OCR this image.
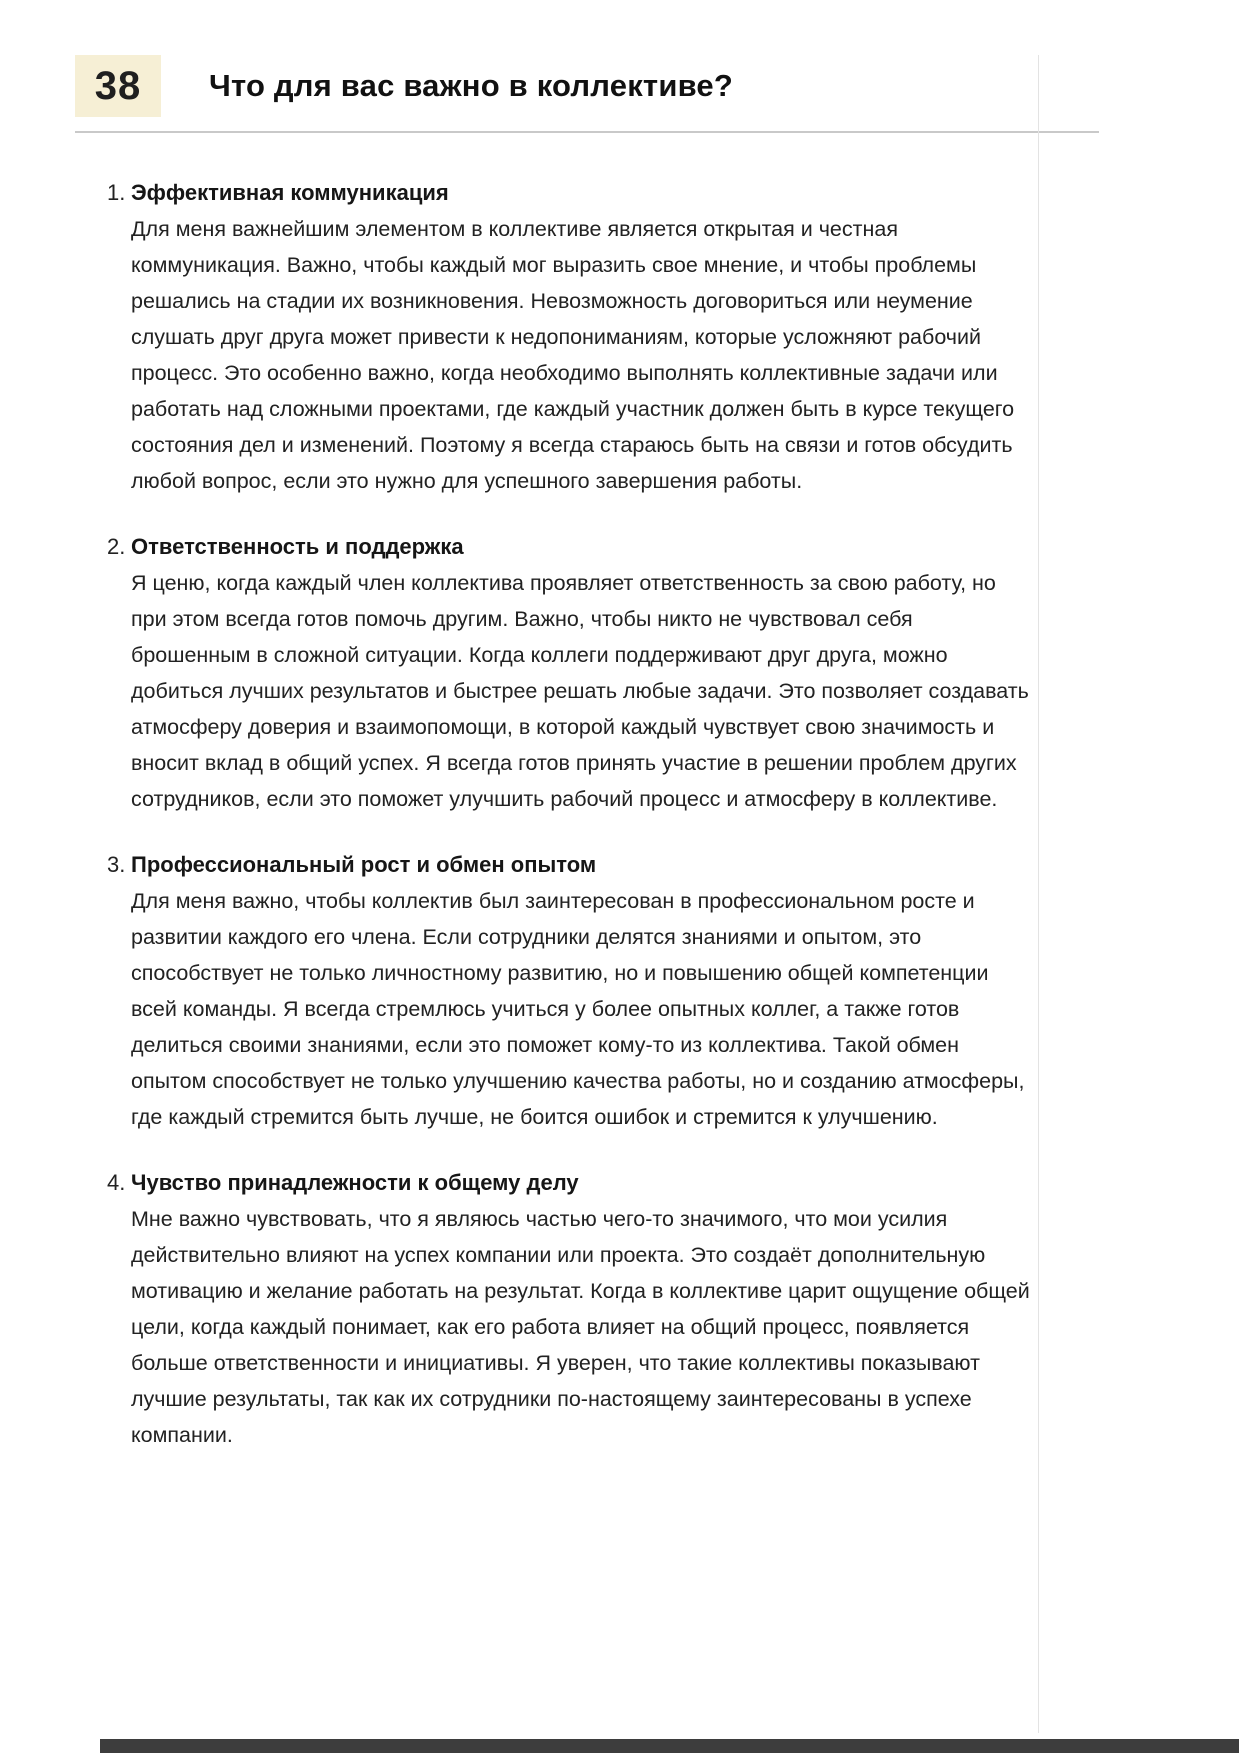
38 Что для вас важно в коллективе?
1. Эффективная коммуникация

Для меня важнейшим элементом в коллективе является открытая и честная коммуникация. Важно, чтобы каждый мог выразить свое мнение, и чтобы проблемы решались на стадии их возникновения. Невозможность договориться или неумение слушать друг друга может привести к недопониманиям, которые усложняют рабочий процесс. Это особенно важно, когда необходимо выполнять коллективные задачи или работать над сложными проектами, где каждый участник должен быть в курсе текущего состояния дел и изменений. Поэтому я всегда стараюсь быть на связи и готов обсудить любой вопрос, если это нужно для успешного завершения работы.

2. Ответственность и поддержка

Я ценю, когда каждый член коллектива проявляет ответственность за свою работу, но при этом всегда готов помочь другим. Важно, чтобы никто не чувствовал себя брошенным в сложной ситуации. Когда коллеги поддерживают друг друга, можно добиться лучших результатов и быстрее решать любые задачи. Это позволяет создавать атмосферу доверия и взаимопомощи, в которой каждый чувствует свою значимость и вносит вклад в общий успех. Я всегда готов принять участие в решении проблем других сотрудников, если это поможет улучшить рабочий процесс и атмосферу в коллективе.

3. Профессиональный рост и обмен опытом

Для меня важно, чтобы коллектив был заинтересован в профессиональном росте и развитии каждого его члена. Если сотрудники делятся знаниями и опытом, это способствует не только личностному развитию, но и повышению общей компетенции всей команды. Я всегда стремлюсь учиться у более опытных коллег, а также готов делиться своими знаниями, если это поможет кому-то из коллектива. Такой обмен опытом способствует не только улучшению качества работы, но и созданию атмосферы, где каждый стремится быть лучше, не боится ошибок и стремится к улучшению.

4. Чувство принадлежности к общему делу

Мне важно чувствовать, что я являюсь частью чего-то значимого, что мои усилия действительно влияют на успех компании или проекта. Это создаёт дополнительную мотивацию и желание работать на результат. Когда в коллективе царит ощущение общей цели, когда каждый понимает, как его работа влияет на общий процесс, появляется больше ответственности и инициативы. Я уверен, что такие коллективы показывают лучшие результаты, так как их сотрудники по-настоящему заинтересованы в успехе компании.
